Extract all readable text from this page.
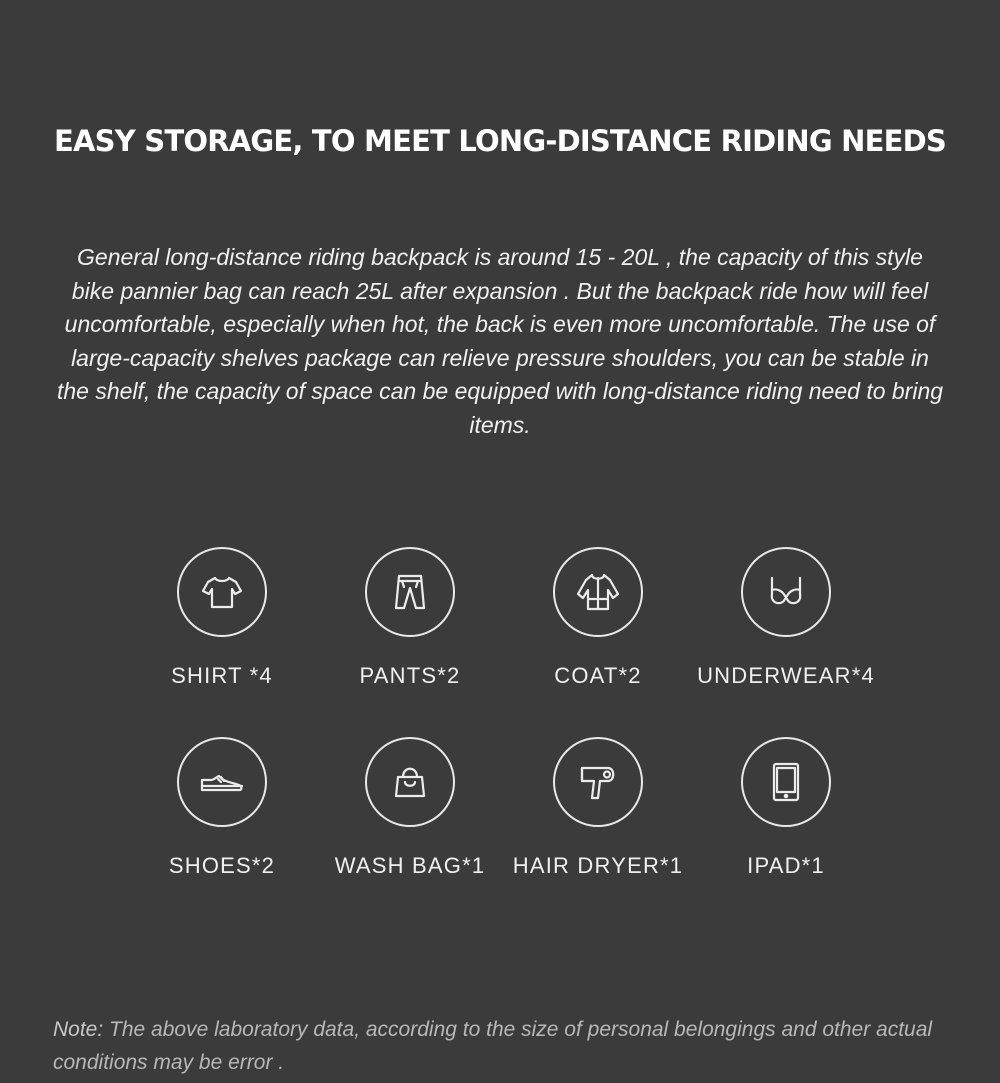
EASY STORAGE, TO MEET LONG-DISTANCE RIDING NEEDS

General long-distance riding backpack is around 15 - 20L , the capacity of this style bike pannier bag can reach 25L after expansion . But the backpack ride how will feel uncomfortable, especially when hot, the back is even more uncomfortable. The use of large-capacity shelves package can relieve pressure shoulders, you can be stable in the shelf, the capacity of space can be equipped with long-distance riding need to bring items.

SHIRT *4	PANTS*2	COAT*2	UNDERWEAR*4
SHOES*2	WASH BAG*1	HAIR DRYER*1	IPAD*1

Note: The above laboratory data, according to the size of personal belongings and other actual conditions may be error .
